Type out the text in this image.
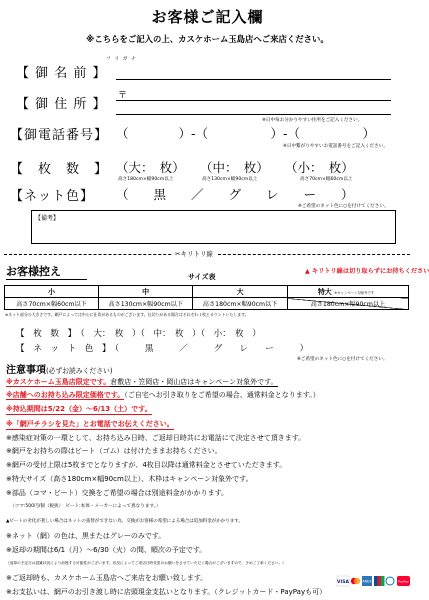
お客様ご記入欄
※こちらをご記入の上、カスケホーム玉島店へご来店ください。
【 御 名 前 】
フ リ ガ ナ
【 御 住 所 】
〒
※日中毎お分かりやすい住所をご記入ください。
【御電話番号】 （　　　　）-（　　　　　）-（　　　　　）
※日中繋がりやすいお電話番号をご記入ください。
【　枚　数　】 （大：　枚） （中：　枚） （小：　枚）
高さ180cm×幅90cm以上	高さ130cm×幅90cm以上	高さ70cm×幅60cm以上
【ネット色】 （　　黒　　／　　グ　　レ　　ー　　）
※ご希望のネット色に○を付けてください。
【備考】
✂キリトリ線
お客様控え	サイズ表
▲ キリトリ線は切り取らずにお持ちください
小	中	大	特大 ※キャンペーン対象外です
高さ70cm×幅60cm以下	高さ130cm×幅90cm以下	高さ180cm×幅90cm以下	高さ180cm×幅90cm以上
※ネット部分の大きさです。網戸によっては中心に仕切があるものがございます。仕切りがある場合はそれぞれ１枚とカウントいたします。
【　枚　数　】　（　大：　枚　）（　中：　枚　）（　小：　枚　）
【　ネ　ッ　ト　色　】　（　　　黒　　　／　　　グ　　レ　　ー　　　）
※ご希望のネット色に○を付けてください。
注意事項(必ずお読みください)
※カスケホーム玉島店限定です。倉敷店・笠岡店・岡山店はキャンペーン対象外です。
※店舗へのお持ち込み限定価格です。（ご自宅へお引き取りをご希望の場合、通常料金となります。）
※持込期間は5/22（金）～6/13（土）です。
※「網戸チラシを見た」とお電話でお伝えください。
※感染症対策の一環として、お持ち込み日時、ご返却日時共にお電話にて決定させて頂きます。
※網戸をお持ちの際はビート（ゴム）は付けたままお持ちください。
※網戸の受付上限は5枚までとなりますが、4枚目以降は通常料金とさせていただきます。
※特大サイズ（高さ180cm×幅90cm以上）、木枠はキャンペーン対象外です。
※部品（コマ・ビート）交換をご希望の場合は別途料金がかかります。
（コマ:500円/個（税抜）　ビート:本体・メーカーによって異なります。）
▲ビートの劣化が著しい場合はネットの張替ができない為、交換がお客様の希望による場合は追加料金がかかります。
※ネット（網）の色は、黒またはグレーのみです。
※返却の期間は6/1（月）～6/30（火）の間、順次の予定です。
（返却の予定日は混雑状況により前後する可能性がございます。状況によってご来店日時変更のお願いをさせていただく場合がございますので、予めご了承ください。）
※ご返却時も、カスケホーム玉島店へご来店をお願い致します。
※お支払いは、網戸のお引き渡し時に店頭現金支払いとなります。（クレジットカード・PayPayも可）
VISA	AMEX	PayPay
